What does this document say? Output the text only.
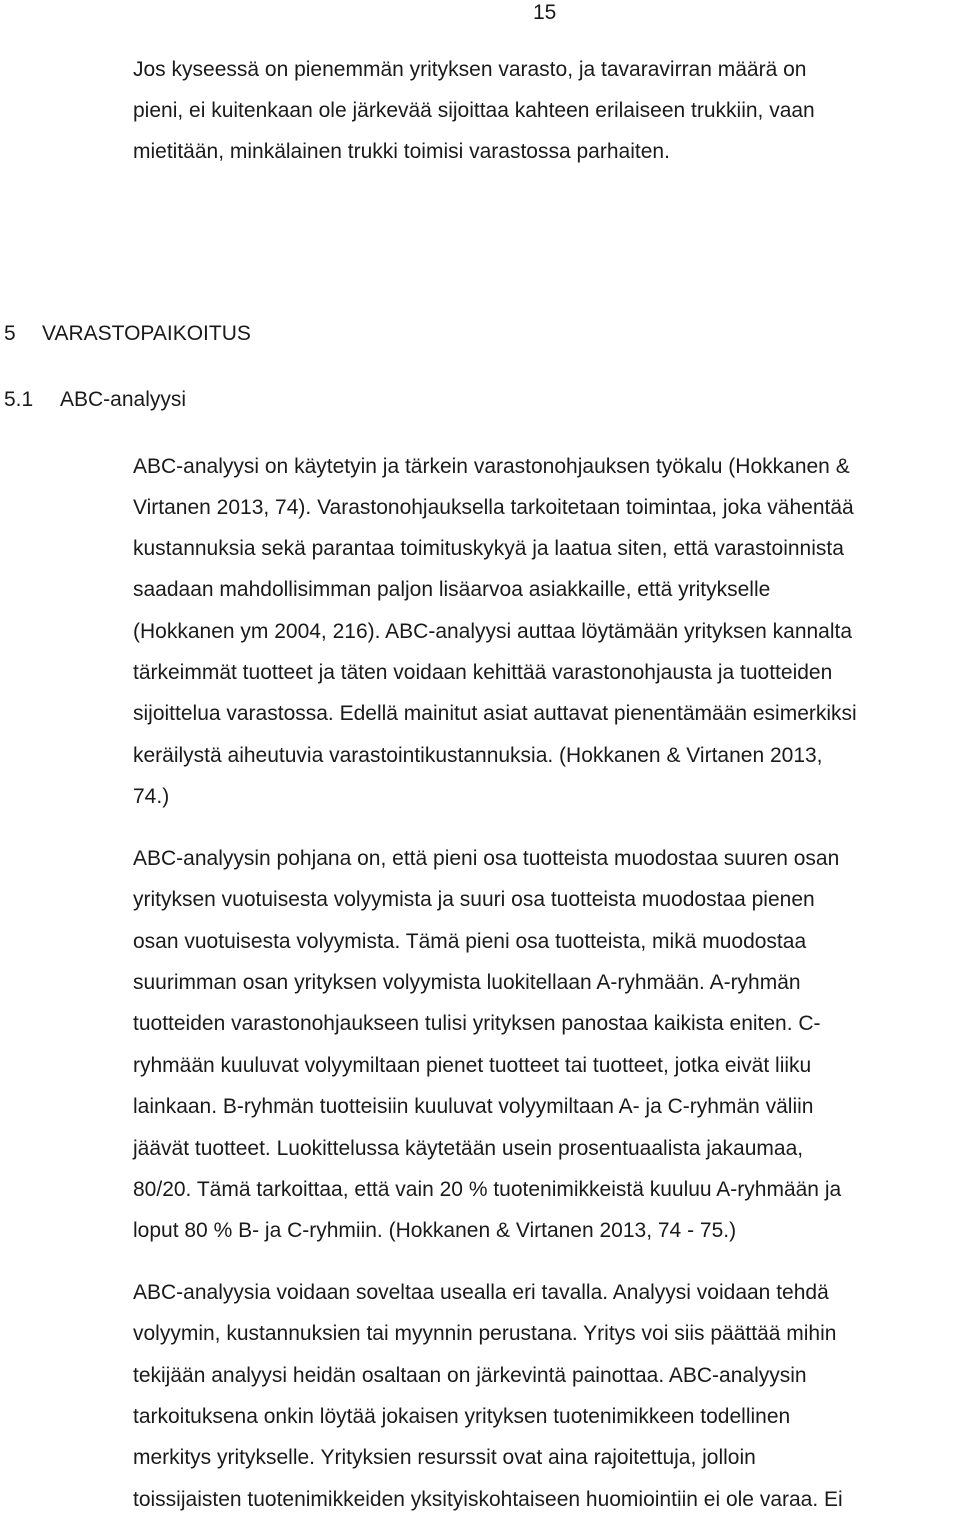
15
Jos kyseessä on pienemmän yrityksen varasto, ja tavaravirran määrä on
pieni, ei kuitenkaan ole järkevää sijoittaa kahteen erilaiseen trukkiin, vaan
mietitään, minkälainen trukki toimisi varastossa parhaiten.
5 VARASTOPAIKOITUS
5.1 ABC-analyysi
ABC-analyysi on käytetyin ja tärkein varastonohjauksen työkalu (Hokkanen &
Virtanen 2013, 74). Varastonohjauksella tarkoitetaan toimintaa, joka vähentää
kustannuksia sekä parantaa toimituskykyä ja laatua siten, että varastoinnista
saadaan mahdollisimman paljon lisäarvoa asiakkaille, että yritykselle
(Hokkanen ym 2004, 216). ABC-analyysi auttaa löytämään yrityksen kannalta
tärkeimmät tuotteet ja täten voidaan kehittää varastonohjausta ja tuotteiden
sijoittelua varastossa. Edellä mainitut asiat auttavat pienentämään esimerkiksi
keräilystä aiheutuvia varastointikustannuksia. (Hokkanen & Virtanen 2013,
74.)
ABC-analyysin pohjana on, että pieni osa tuotteista muodostaa suuren osan
yrityksen vuotuisesta volyymista ja suuri osa tuotteista muodostaa pienen
osan vuotuisesta volyymista. Tämä pieni osa tuotteista, mikä muodostaa
suurimman osan yrityksen volyymista luokitellaan A-ryhmään. A-ryhmän
tuotteiden varastonohjaukseen tulisi yrityksen panostaa kaikista eniten. C-
ryhmään kuuluvat volyymiltaan pienet tuotteet tai tuotteet, jotka eivät liiku
lainkaan. B-ryhmän tuotteisiin kuuluvat volyymiltaan A- ja C-ryhmän väliin
jäävät tuotteet. Luokittelussa käytetään usein prosentuaalista jakaumaa,
80/20. Tämä tarkoittaa, että vain 20 % tuotenimikkeistä kuuluu A-ryhmään ja
loput 80 % B- ja C-ryhmiin. (Hokkanen & Virtanen 2013, 74 - 75.)
ABC-analyysia voidaan soveltaa usealla eri tavalla. Analyysi voidaan tehdä
volyymin, kustannuksien tai myynnin perustana. Yritys voi siis päättää mihin
tekijään analyysi heidän osaltaan on järkevintä painottaa. ABC-analyysin
tarkoituksena onkin löytää jokaisen yrityksen tuotenimikkeen todellinen
merkitys yritykselle. Yrityksien resurssit ovat aina rajoitettuja, jolloin
toissijaisten tuotenimikkeiden yksityiskohtaiseen huomiointiin ei ole varaa. Ei
